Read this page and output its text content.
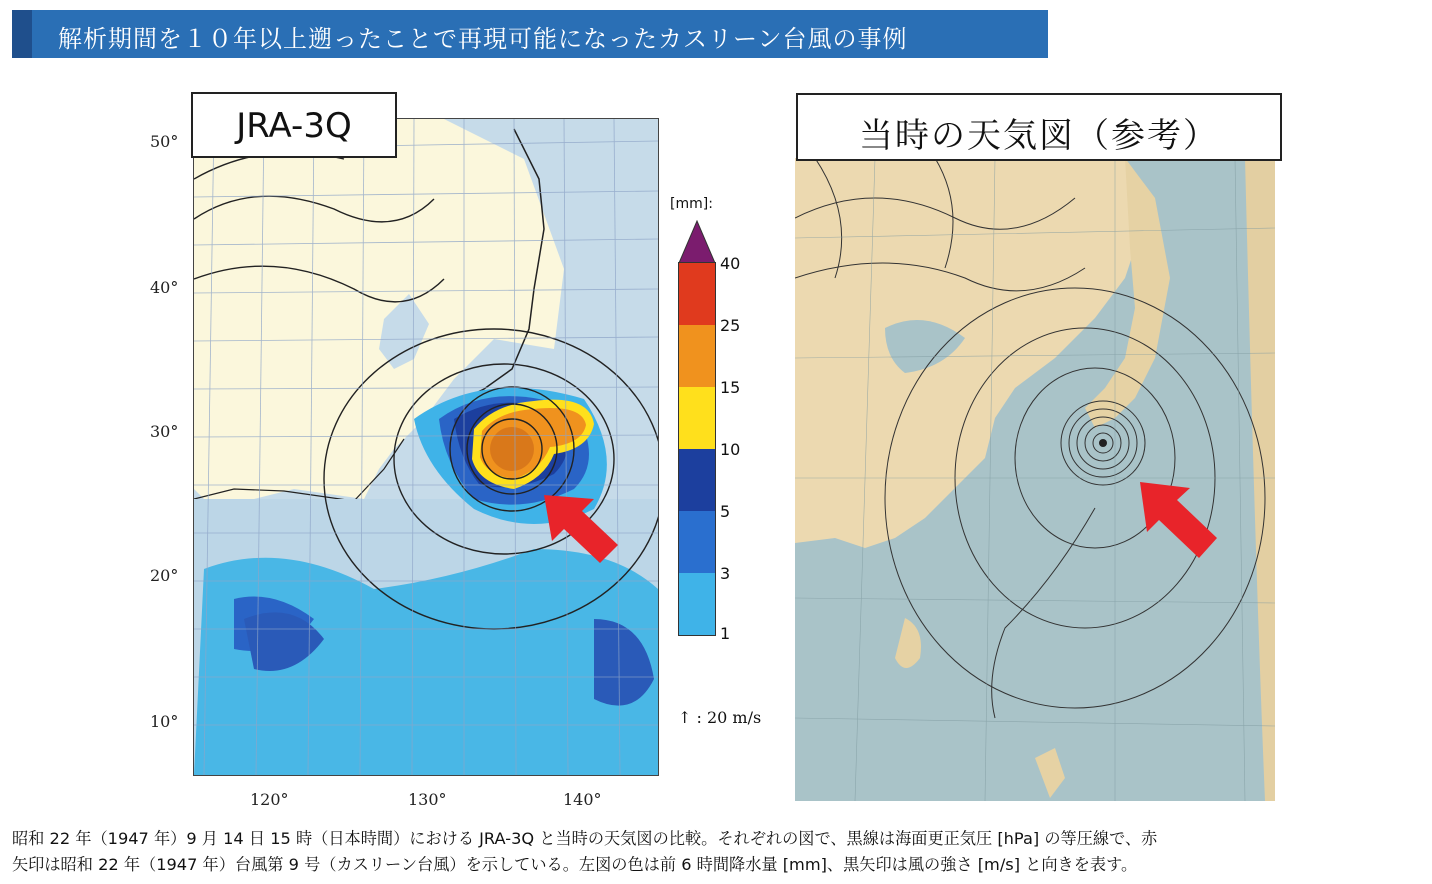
解析期間を１０年以上遡ったことで再現可能になったカスリーン台風の事例
JRA-3Q
50°
40°
30°
20°
10°
120°	130°	140°
[mm]:
40
25
15
10
5
3
1
↑ : 20 m/s
当時の天気図（参考）

昭和 22 年（1947 年）9 月 14 日 15 時（日本時間）における JRA-3Q と当時の天気図の比較。それぞれの図で、黒線は海面更正気圧 [hPa] の等圧線で、赤

矢印は昭和 22 年（1947 年）台風第 9 号（カスリーン台風）を示している。左図の色は前 6 時間降水量 [mm]、黒矢印は風の強さ [m/s] と向きを表す。
